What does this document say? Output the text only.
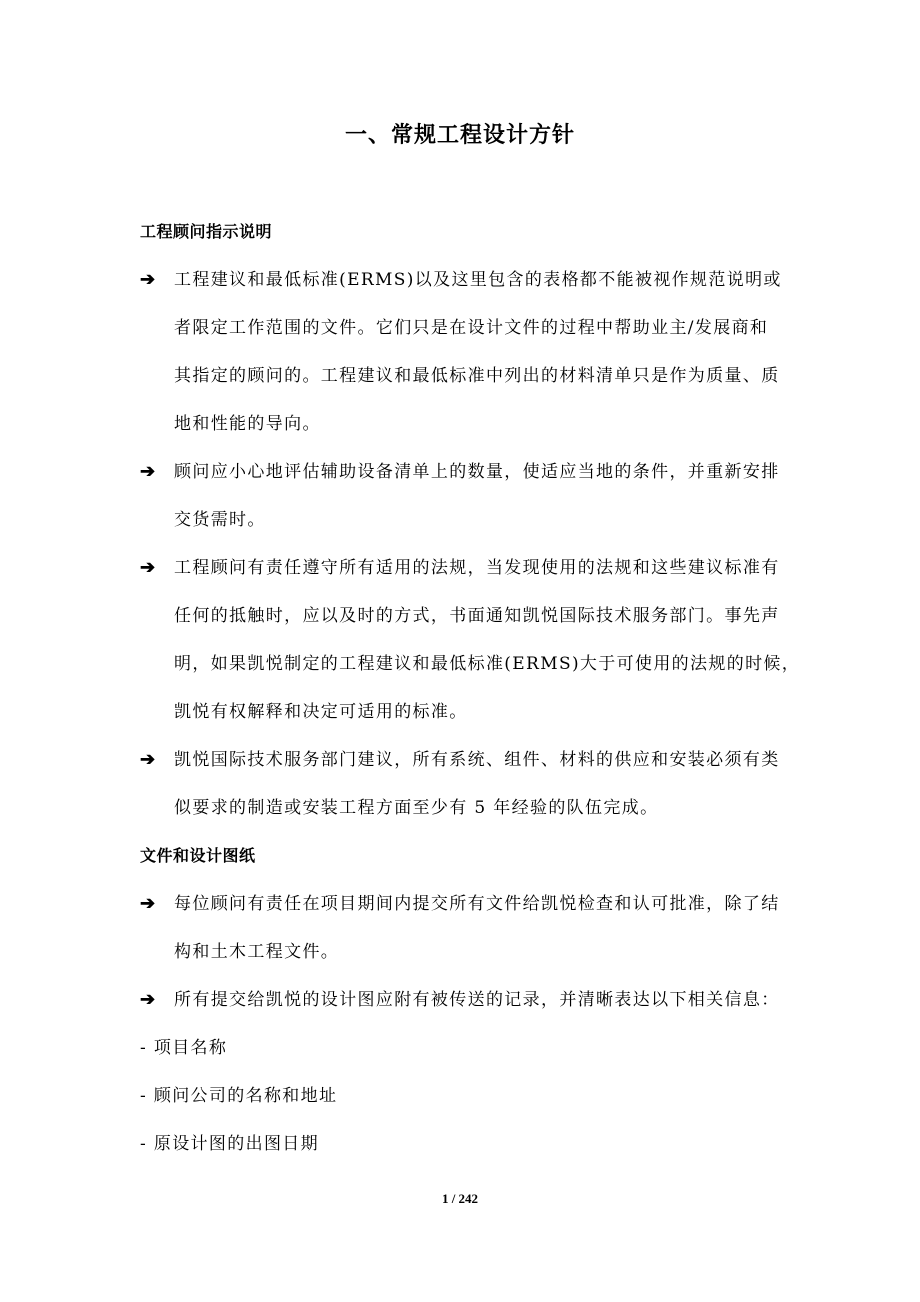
一、常规工程设计方针
工程顾问指示说明
➔ 工程建议和最低标准(ERMS)以及这里包含的表格都不能被视作规范说明或
者限定工作范围的文件。它们只是在设计文件的过程中帮助业主/发展商和
其指定的顾问的。工程建议和最低标准中列出的材料清单只是作为质量、质
地和性能的导向。
➔ 顾问应小心地评估辅助设备清单上的数量，使适应当地的条件，并重新安排
交货需时。
➔ 工程顾问有责任遵守所有适用的法规，当发现使用的法规和这些建议标准有
任何的抵触时，应以及时的方式，书面通知凯悦国际技术服务部门。事先声
明，如果凯悦制定的工程建议和最低标准(ERMS)大于可使用的法规的时候，
凯悦有权解释和决定可适用的标准。
➔ 凯悦国际技术服务部门建议，所有系统、组件、材料的供应和安装必须有类
似要求的制造或安装工程方面至少有 5 年经验的队伍完成。
文件和设计图纸
➔ 每位顾问有责任在项目期间内提交所有文件给凯悦检查和认可批准，除了结
构和土木工程文件。
➔ 所有提交给凯悦的设计图应附有被传送的记录，并清晰表达以下相关信息：
- 项目名称
- 顾问公司的名称和地址
- 原设计图的出图日期
1 / 242
